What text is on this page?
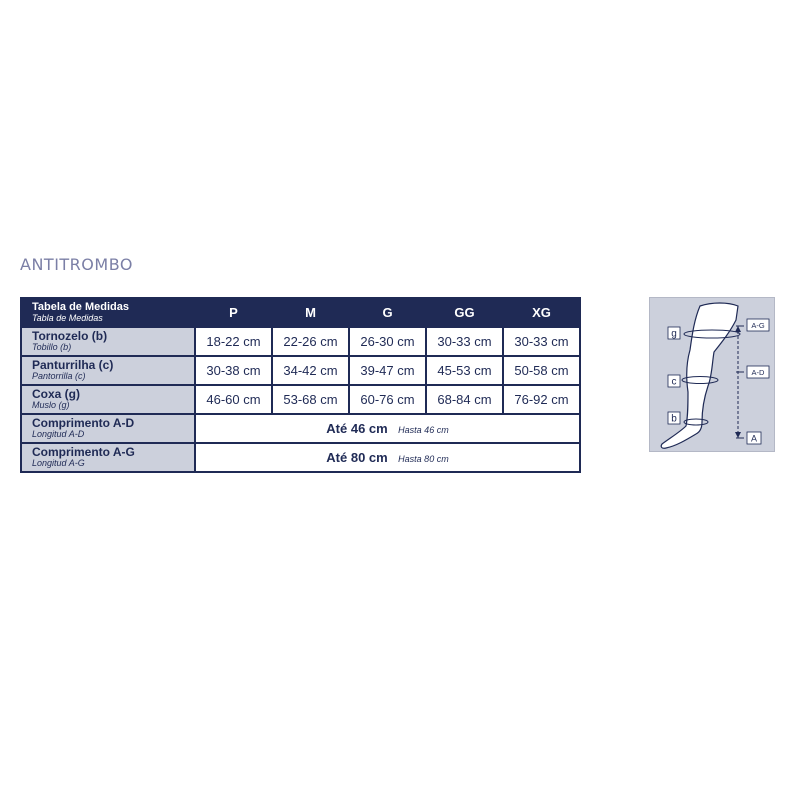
ANTITROMBO
Tabela de Medidas
Tabla de Medidas	P	M	G	GG	XG

Tornozelo (b)
Tobillo (b)	18-22 cm	22-26 cm	26-30 cm	30-33 cm	30-33 cm

Panturrilha (c)
Pantorrilla (c)	30-38 cm	34-42 cm	39-47 cm	45-53 cm	50-58 cm

Coxa (g)
Muslo (g)	46-60 cm	53-68 cm	60-76 cm	68-84 cm	76-92 cm

Comprimento A-D
Longitud A-D	Até 46 cm Hasta 46 cm				

Comprimento A-G
Longitud A-G	Até 80 cm Hasta 80 cm				
g
c
b
A-G
A-D
A
